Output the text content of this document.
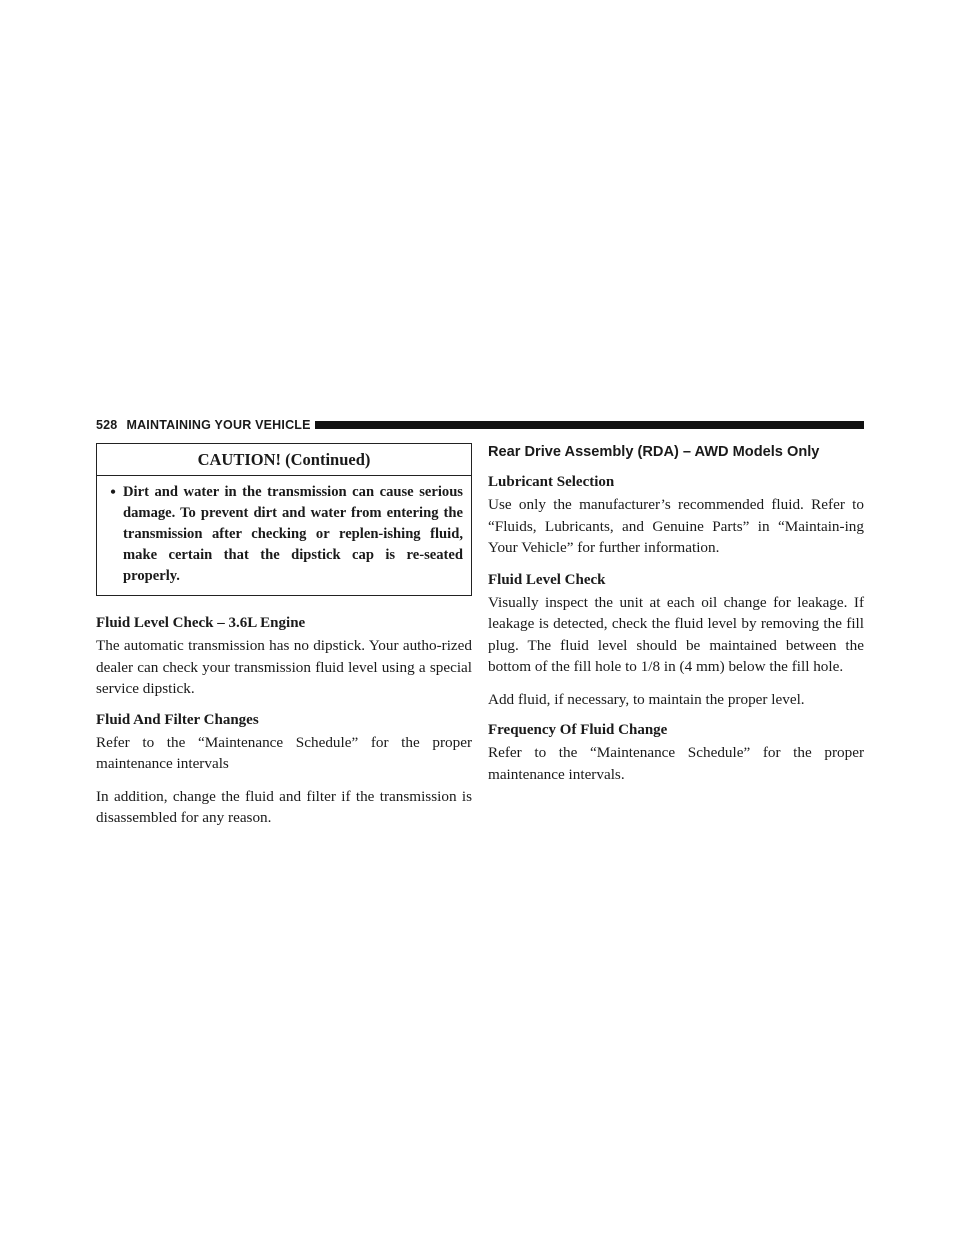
528 MAINTAINING YOUR VEHICLE
CAUTION! (Continued)
• Dirt and water in the transmission can cause serious damage. To prevent dirt and water from entering the transmission after checking or replen-ishing fluid, make certain that the dipstick cap is re-seated properly.

Fluid Level Check – 3.6L Engine

The automatic transmission has no dipstick. Your autho-rized dealer can check your transmission fluid level using a special service dipstick.

Fluid And Filter Changes

Refer to the “Maintenance Schedule” for the proper maintenance intervals

In addition, change the fluid and filter if the transmission is disassembled for any reason.

Rear Drive Assembly (RDA) – AWD Models Only

Lubricant Selection

Use only the manufacturer’s recommended fluid. Refer to “Fluids, Lubricants, and Genuine Parts” in “Maintain-ing Your Vehicle” for further information.

Fluid Level Check

Visually inspect the unit at each oil change for leakage. If leakage is detected, check the fluid level by removing the fill plug. The fluid level should be maintained between the bottom of the fill hole to 1/8 in (4 mm) below the fill hole.

Add fluid, if necessary, to maintain the proper level.

Frequency Of Fluid Change

Refer to the “Maintenance Schedule” for the proper maintenance intervals.
